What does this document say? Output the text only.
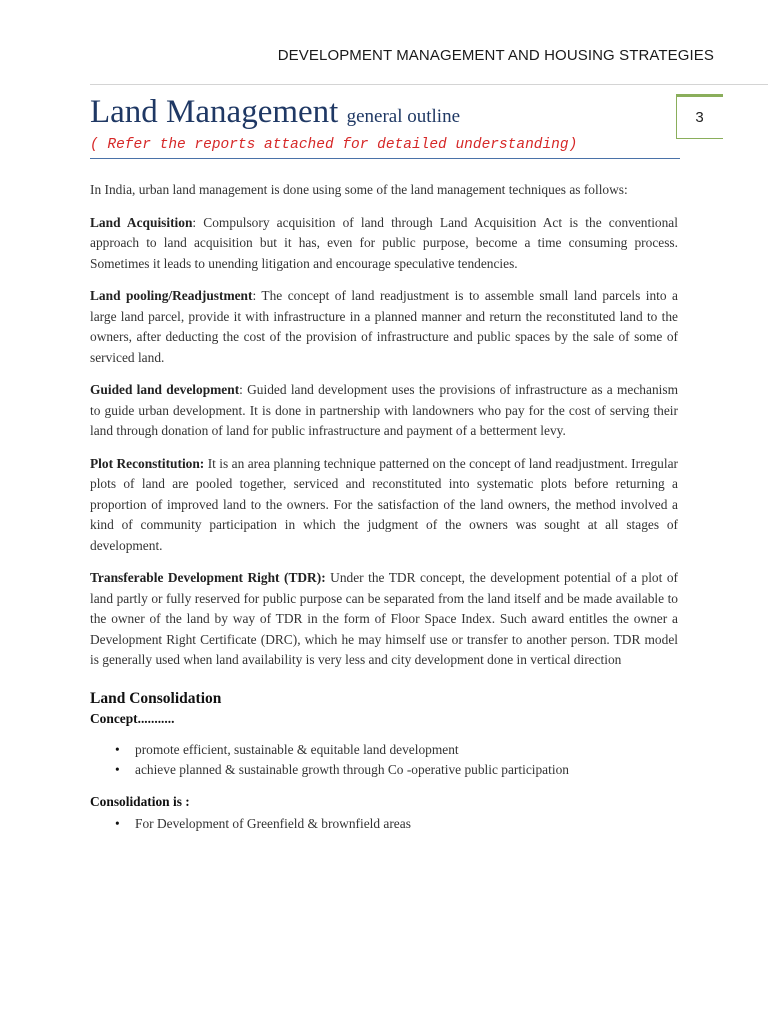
DEVELOPMENT MANAGEMENT AND HOUSING STRATEGIES
3
Land Management general outline
( Refer the reports attached for detailed understanding)

In India, urban land management is done using some of the land management techniques as follows:

Land Acquisition: Compulsory acquisition of land through Land Acquisition Act is the conventional approach to land acquisition but it has, even for public purpose, become a time consuming process. Sometimes it leads to unending litigation and encourage speculative tendencies.

Land pooling/Readjustment: The concept of land readjustment is to assemble small land parcels into a large land parcel, provide it with infrastructure in a planned manner and return the reconstituted land to the owners, after deducting the cost of the provision of infrastructure and public spaces by the sale of some of serviced land.

Guided land development: Guided land development uses the provisions of infrastructure as a mechanism to guide urban development. It is done in partnership with landowners who pay for the cost of serving their land through donation of land for public infrastructure and payment of a betterment levy.

Plot Reconstitution: It is an area planning technique patterned on the concept of land readjustment. Irregular plots of land are pooled together, serviced and reconstituted into systematic plots before returning a proportion of improved land to the owners. For the satisfaction of the land owners, the method involved a kind of community participation in which the judgment of the owners was sought at all stages of development.

Transferable Development Right (TDR): Under the TDR concept, the development potential of a plot of land partly or fully reserved for public purpose can be separated from the land itself and be made available to the owner of the land by way of TDR in the form of Floor Space Index. Such award entitles the owner a Development Right Certificate (DRC), which he may himself use or transfer to another person. TDR model is generally used when land availability is very less and city development done in vertical direction

Land Consolidation
Concept...........
• promote efficient, sustainable & equitable land development
• achieve planned & sustainable growth through Co -operative public participation
Consolidation is :
• For Development of Greenfield & brownfield areas
